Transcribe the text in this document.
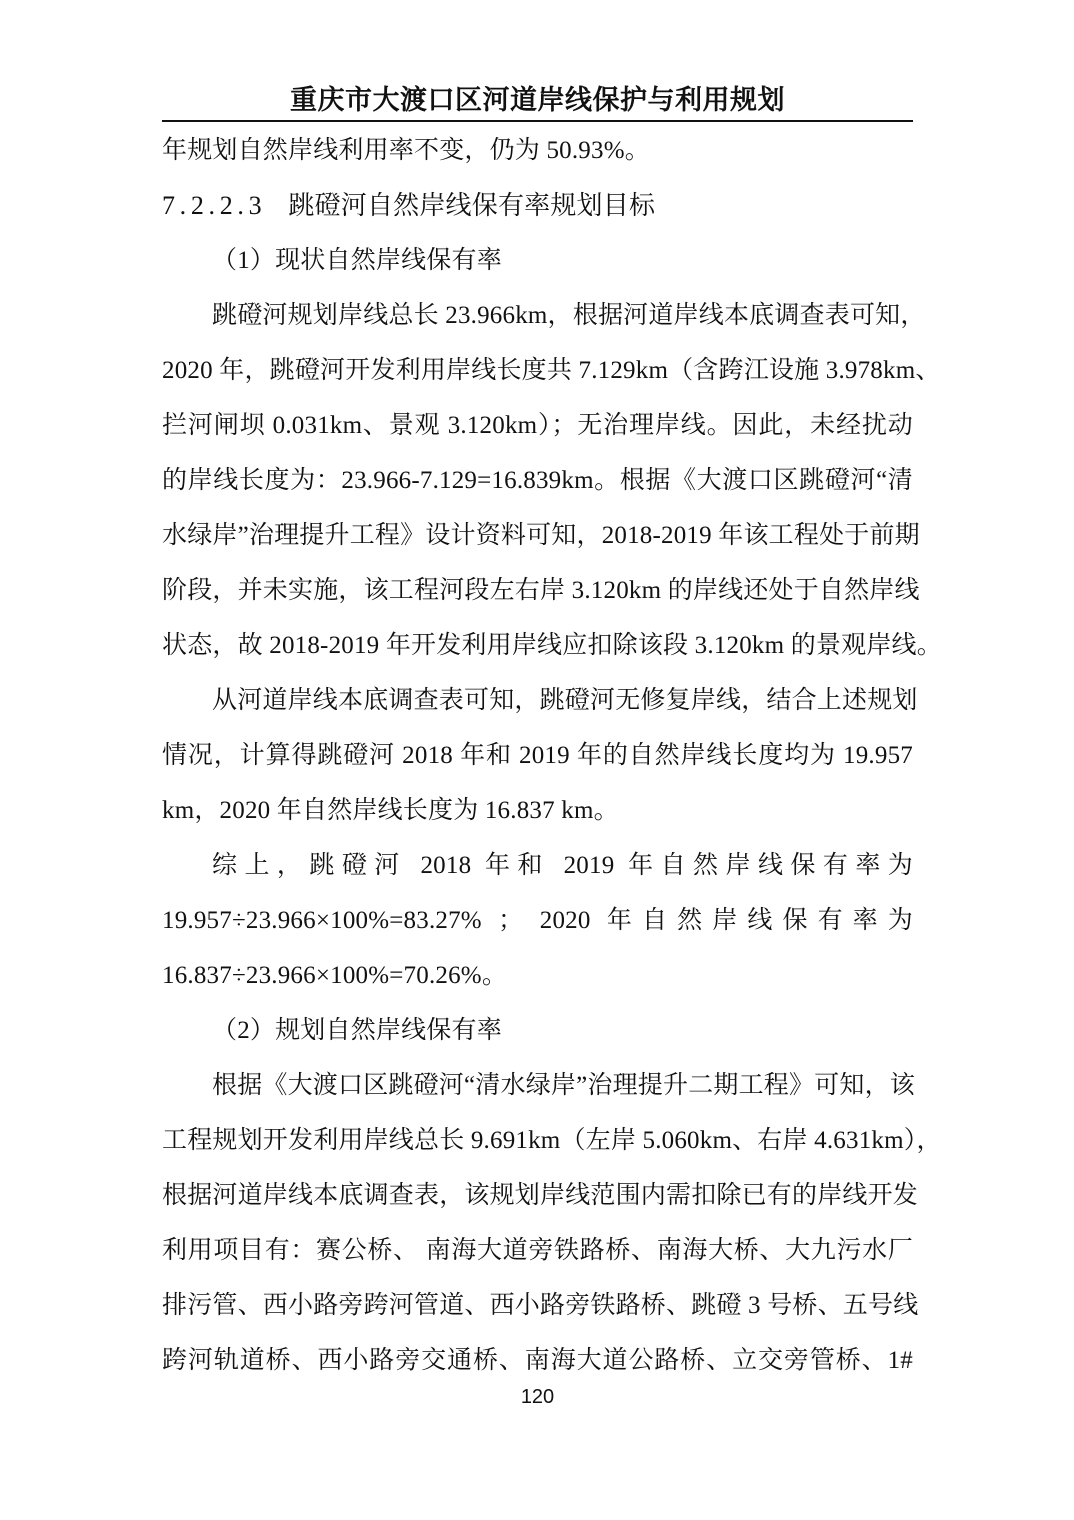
重庆市大渡口区河道岸线保护与利用规划
年规划自然岸线利用率不变，仍为 50.93%。
7.2.2.3 跳磴河自然岸线保有率规划目标
（1）现状自然岸线保有率
跳磴河规划岸线总长 23.966km，根据河道岸线本底调查表可知，
2020 年，跳磴河开发利用岸线长度共 7.129km（含跨江设施 3.978km、
拦河闸坝 0.031km、景观 3.120km）；无治理岸线。因此，未经扰动
的岸线长度为：23.966-7.129=16.839km。根据《大渡口区跳磴河“清
水绿岸”治理提升工程》设计资料可知，2018-2019 年该工程处于前期
阶段，并未实施，该工程河段左右岸 3.120km 的岸线还处于自然岸线
状态，故 2018-2019 年开发利用岸线应扣除该段 3.120km 的景观岸线。
从河道岸线本底调查表可知，跳磴河无修复岸线，结合上述规划
情况，计算得跳磴河 2018 年和 2019 年的自然岸线长度均为 19.957
km，2020 年自然岸线长度为 16.837 km。
综上，跳磴河 2018 年和 2019 年自然岸线保有率为
19.957÷23.966×100%=83.27% ； 2020 年自然岸线保有率为
16.837÷23.966×100%=70.26%。
（2）规划自然岸线保有率
根据《大渡口区跳磴河“清水绿岸”治理提升二期工程》可知，该
工程规划开发利用岸线总长 9.691km（左岸 5.060km、右岸 4.631km），
根据河道岸线本底调查表，该规划岸线范围内需扣除已有的岸线开发
利用项目有：赛公桥、 南海大道旁铁路桥、南海大桥、大九污水厂
排污管、西小路旁跨河管道、西小路旁铁路桥、跳磴 3 号桥、五号线
跨河轨道桥、西小路旁交通桥、南海大道公路桥、立交旁管桥、1#
120
